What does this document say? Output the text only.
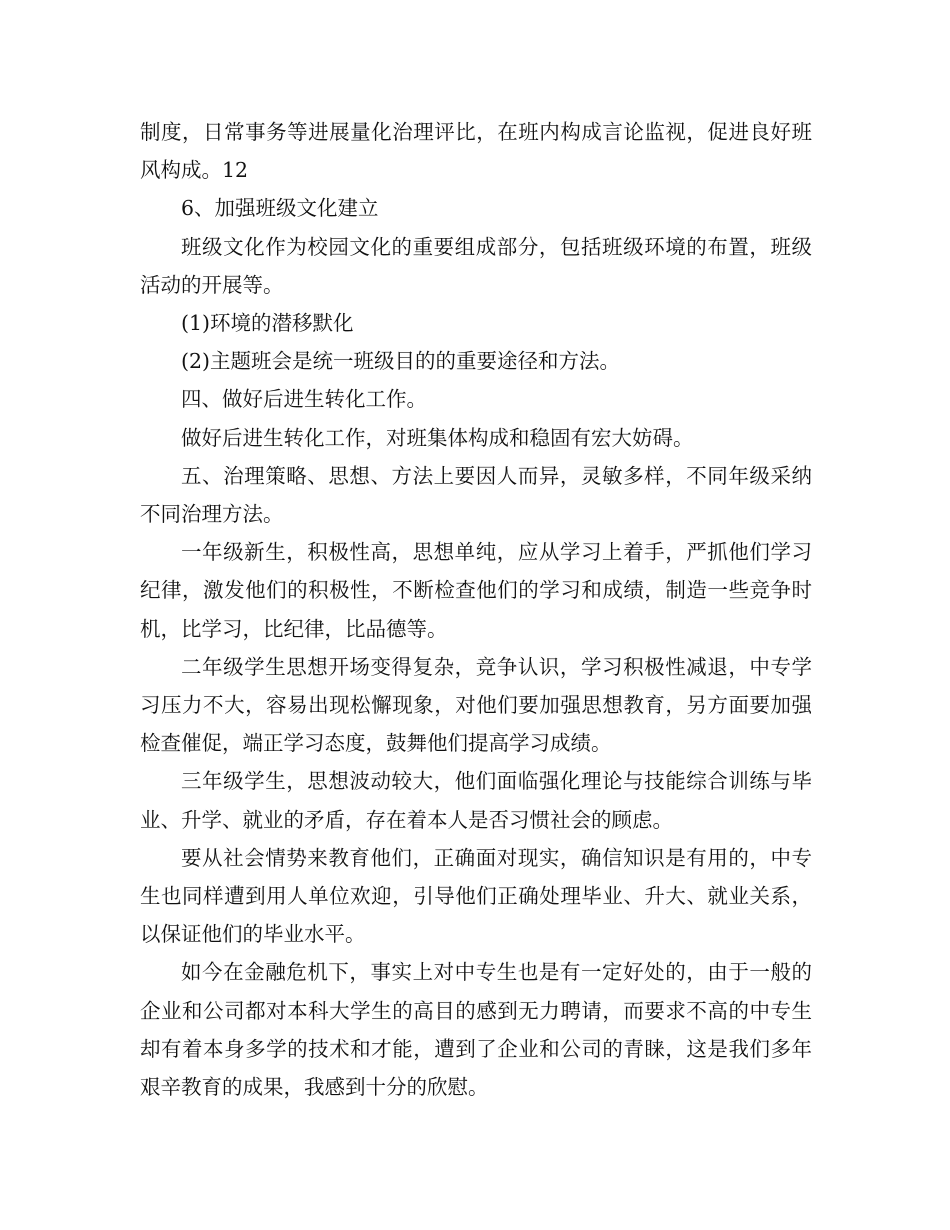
制度，日常事务等进展量化治理评比，在班内构成言论监视，促进良好班风构成。12

6、加强班级文化建立

班级文化作为校园文化的重要组成部分，包括班级环境的布置，班级活动的开展等。

(1)环境的潜移默化

(2)主题班会是统一班级目的的重要途径和方法。

四、做好后进生转化工作。

做好后进生转化工作，对班集体构成和稳固有宏大妨碍。

五、治理策略、思想、方法上要因人而异，灵敏多样，不同年级采纳不同治理方法。

一年级新生，积极性高，思想单纯，应从学习上着手，严抓他们学习纪律，激发他们的积极性，不断检查他们的学习和成绩，制造一些竞争时机，比学习，比纪律，比品德等。

二年级学生思想开场变得复杂，竞争认识，学习积极性减退，中专学习压力不大，容易出现松懈现象，对他们要加强思想教育，另方面要加强检查催促，端正学习态度，鼓舞他们提高学习成绩。

三年级学生，思想波动较大，他们面临强化理论与技能综合训练与毕业、升学、就业的矛盾，存在着本人是否习惯社会的顾虑。

要从社会情势来教育他们，正确面对现实，确信知识是有用的，中专生也同样遭到用人单位欢迎，引导他们正确处理毕业、升大、就业关系，以保证他们的毕业水平。

如今在金融危机下，事实上对中专生也是有一定好处的，由于一般的企业和公司都对本科大学生的高目的感到无力聘请，而要求不高的中专生却有着本身多学的技术和才能，遭到了企业和公司的青睐，这是我们多年艰辛教育的成果，我感到十分的欣慰。
